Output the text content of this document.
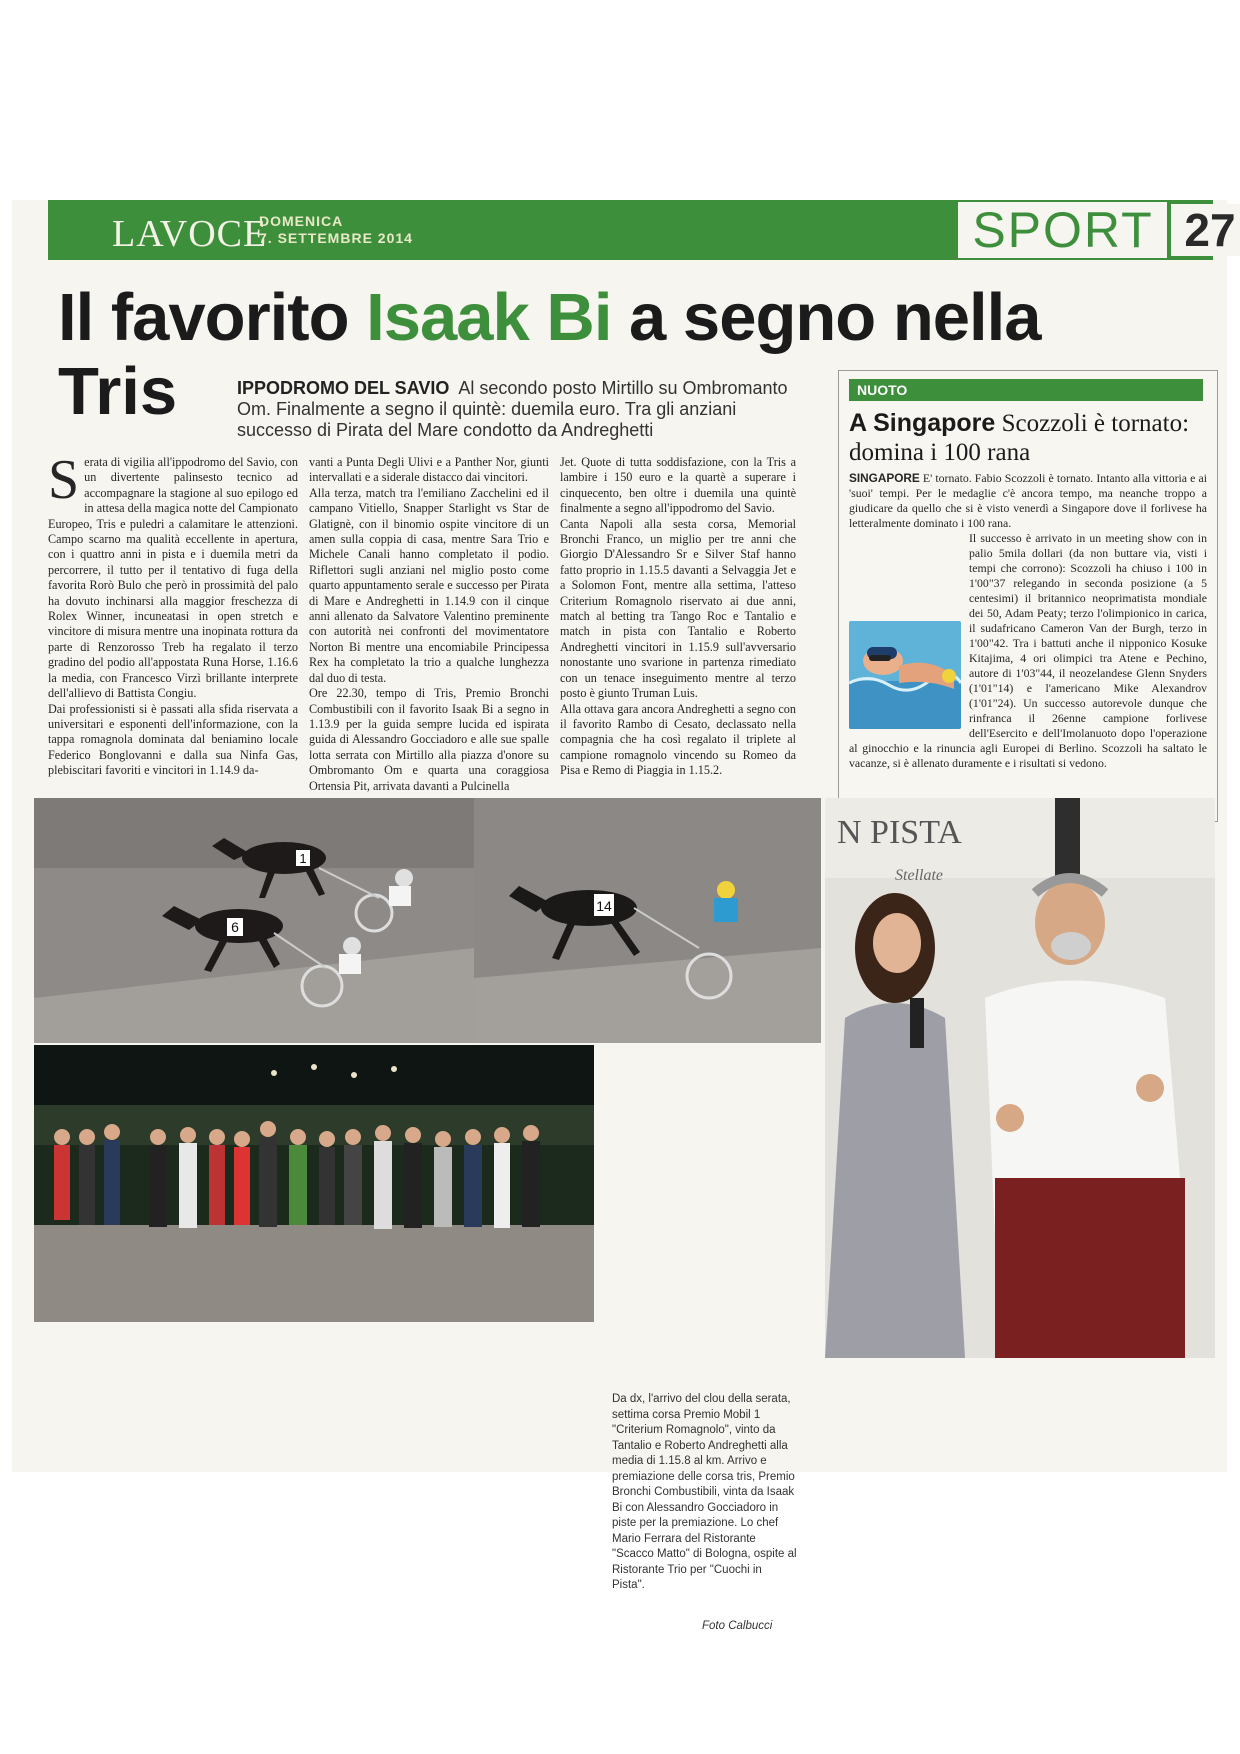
LAVOCE
DOMENICA
7. SETTEMBRE 2014	SPORT 27
Il favorito Isaak Bi a segno nella
Tris	IPPODROMO DEL SAVIO Al secondo posto Mirtillo su Ombromanto Om. Finalmente a segno il quintè: duemila euro. Tra gli anziani successo di Pirata del Mare condotto da Andreghetti

Serata di vigilia all'ippodromo del Savio, con un divertente palinsesto tecnico ad accompagnare la stagione al suo epilogo ed in attesa della magica notte del Campionato Europeo, Tris e puledri a calamitare le attenzioni. Campo scarno ma qualità eccellente in apertura, con i quattro anni in pista e i duemila metri da percorrere, il tutto per il tentativo di fuga della favorita Rorò Bulo che però in prossimità del palo ha dovuto inchinarsi alla maggior freschezza di Rolex Winner, incuneatasi in open stretch e vincitore di misura mentre una inopinata rottura da parte di Renzorosso Treb ha regalato il terzo gradino del podio all'appostata Runa Horse, 1.16.6 la media, con Francesco Virzì brillante interprete dell'allievo di Battista Congiu.

Dai professionisti si è passati alla sfida riservata a universitari e esponenti dell'informazione, con la tappa romagnola dominata dal beniamino locale Federico Bonglovanni e dalla sua Ninfa Gas, plebiscitari favoriti e vincitori in 1.14.9 da-

vanti a Punta Degli Ulivi e a Panther Nor, giunti intervallati e a siderale distacco dai vincitori.

Alla terza, match tra l'emiliano Zacchelini ed il campano Vitiello, Snapper Starlight vs Star de Glatignè, con il binomio ospite vincitore di un amen sulla coppia di casa, mentre Sara Trio e Michele Canali hanno completato il podio. Riflettori sugli anziani nel miglio posto come quarto appuntamento serale e successo per Pirata di Mare e Andreghetti in 1.14.9 con il cinque anni allenato da Salvatore Valentino preminente con autorità nei confronti del movimentatore Norton Bi mentre una encomiabile Principessa Rex ha completato la trio a qualche lunghezza dal duo di testa.

Ore 22.30, tempo di Tris, Premio Bronchi Combustibili con il favorito Isaak Bi a segno in 1.13.9 per la guida sempre lucida ed ispirata guida di Alessandro Gocciadoro e alle sue spalle lotta serrata con Mirtillo alla piazza d'onore su Ombromanto Om e quarta una coraggiosa Ortensia Pit, arrivata davanti a Pulcinella

Jet. Quote di tutta soddisfazione, con la Tris a lambire i 150 euro e la quartè a superare i cinquecento, ben oltre i duemila una quintè finalmente a segno all'ippodromo del Savio.

Canta Napoli alla sesta corsa, Memorial Bronchi Franco, un miglio per tre anni che Giorgio D'Alessandro Sr e Silver Staf hanno fatto proprio in 1.15.5 davanti a Selvaggia Jet e a Solomon Font, mentre alla settima, l'atteso Criterium Romagnolo riservato ai due anni, match al betting tra Tango Roc e Tantalio e match in pista con Tantalio e Roberto Andreghetti vincitori in 1.15.9 sull'avversario nonostante uno svarione in partenza rimediato con un tenace inseguimento mentre al terzo posto è giunto Truman Luis.

Alla ottava gara ancora Andreghetti a segno con il favorito Rambo di Cesato, declassato nella compagnia che ha così regalato il triplete al campione romagnolo vincendo su Romeo da Pisa e Remo di Piaggia in 1.15.2.

NUOTO
A Singapore Scozzoli è tornato: domina i 100 rana

SINGAPORE E' tornato. Fabio Scozzoli è tornato. Intanto alla vittoria e ai 'suoi' tempi. Per le medaglie c'è ancora tempo, ma neanche troppo a giudicare da quello che si è visto venerdì a Singapore dove il forlivese ha letteralmente dominato i 100 rana.

Il successo è arrivato in un meeting show con in palio 5mila dollari (da non buttare via, visti i tempi che corrono): Scozzoli ha chiuso i 100 in 1'00"37 relegando in seconda posizione (a 5 centesimi) il britannico neoprimatista mondiale dei 50, Adam Peaty; terzo l'olimpionico in carica, il sudafricano Cameron Van der Burgh, terzo in 1'00"42. Tra i battuti anche il nipponico Kosuke Kitajima, 4 ori olimpici tra Atene e Pechino, autore di 1'03"44, il neozelandese Glenn Snyders (1'01"14) e l'americano Mike Alexandrov (1'01"24). Un successo autorevole dunque che rinfranca il 26enne campione forlivese dell'Esercito e dell'Imolanuoto dopo l'operazione al ginocchio e la rinuncia agli Europei di Berlino. Scozzoli ha saltato le vacanze, si è allenato duramente e i risultati si vedono.

1
6
14
Da dx, l'arrivo del clou della serata, settima corsa Premio Mobil 1 "Criterium Romagnolo", vinto da Tantalio e Roberto Andreghetti alla media di 1.15.8 al km. Arrivo e premiazione delle corsa tris, Premio Bronchi Combustibili, vinta da Isaak Bi con Alessandro Gocciadoro in piste per la premiazione. Lo chef Mario Ferrara del Ristorante "Scacco Matto" di Bologna, ospite al Ristorante Trio per "Cuochi in Pista".
Foto Calbucci
N PISTA
Stellate
